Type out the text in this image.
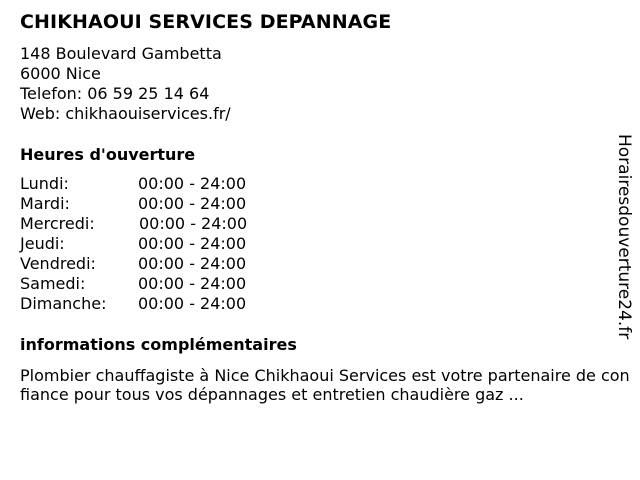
CHIKHAOUI SERVICES DEPANNAGE
148 Boulevard Gambetta
6000 Nice
Telefon: 06 59 25 14 64
Web: chikhaouiservices.fr/
Heures d'ouverture
Lundi:	00:00 - 24:00
Mardi:	00:00 - 24:00
Mercredi:	00:00 - 24:00
Jeudi:	00:00 - 24:00
Vendredi:	00:00 - 24:00
Samedi:	00:00 - 24:00
Dimanche: 00:00 - 24:00
informations complémentaires
Plombier chauffagiste à Nice Chikhaoui Services est votre partenaire de confiance pour tous vos dépannages et entretien chaudière gaz ...
Horairesdouverture24.fr
